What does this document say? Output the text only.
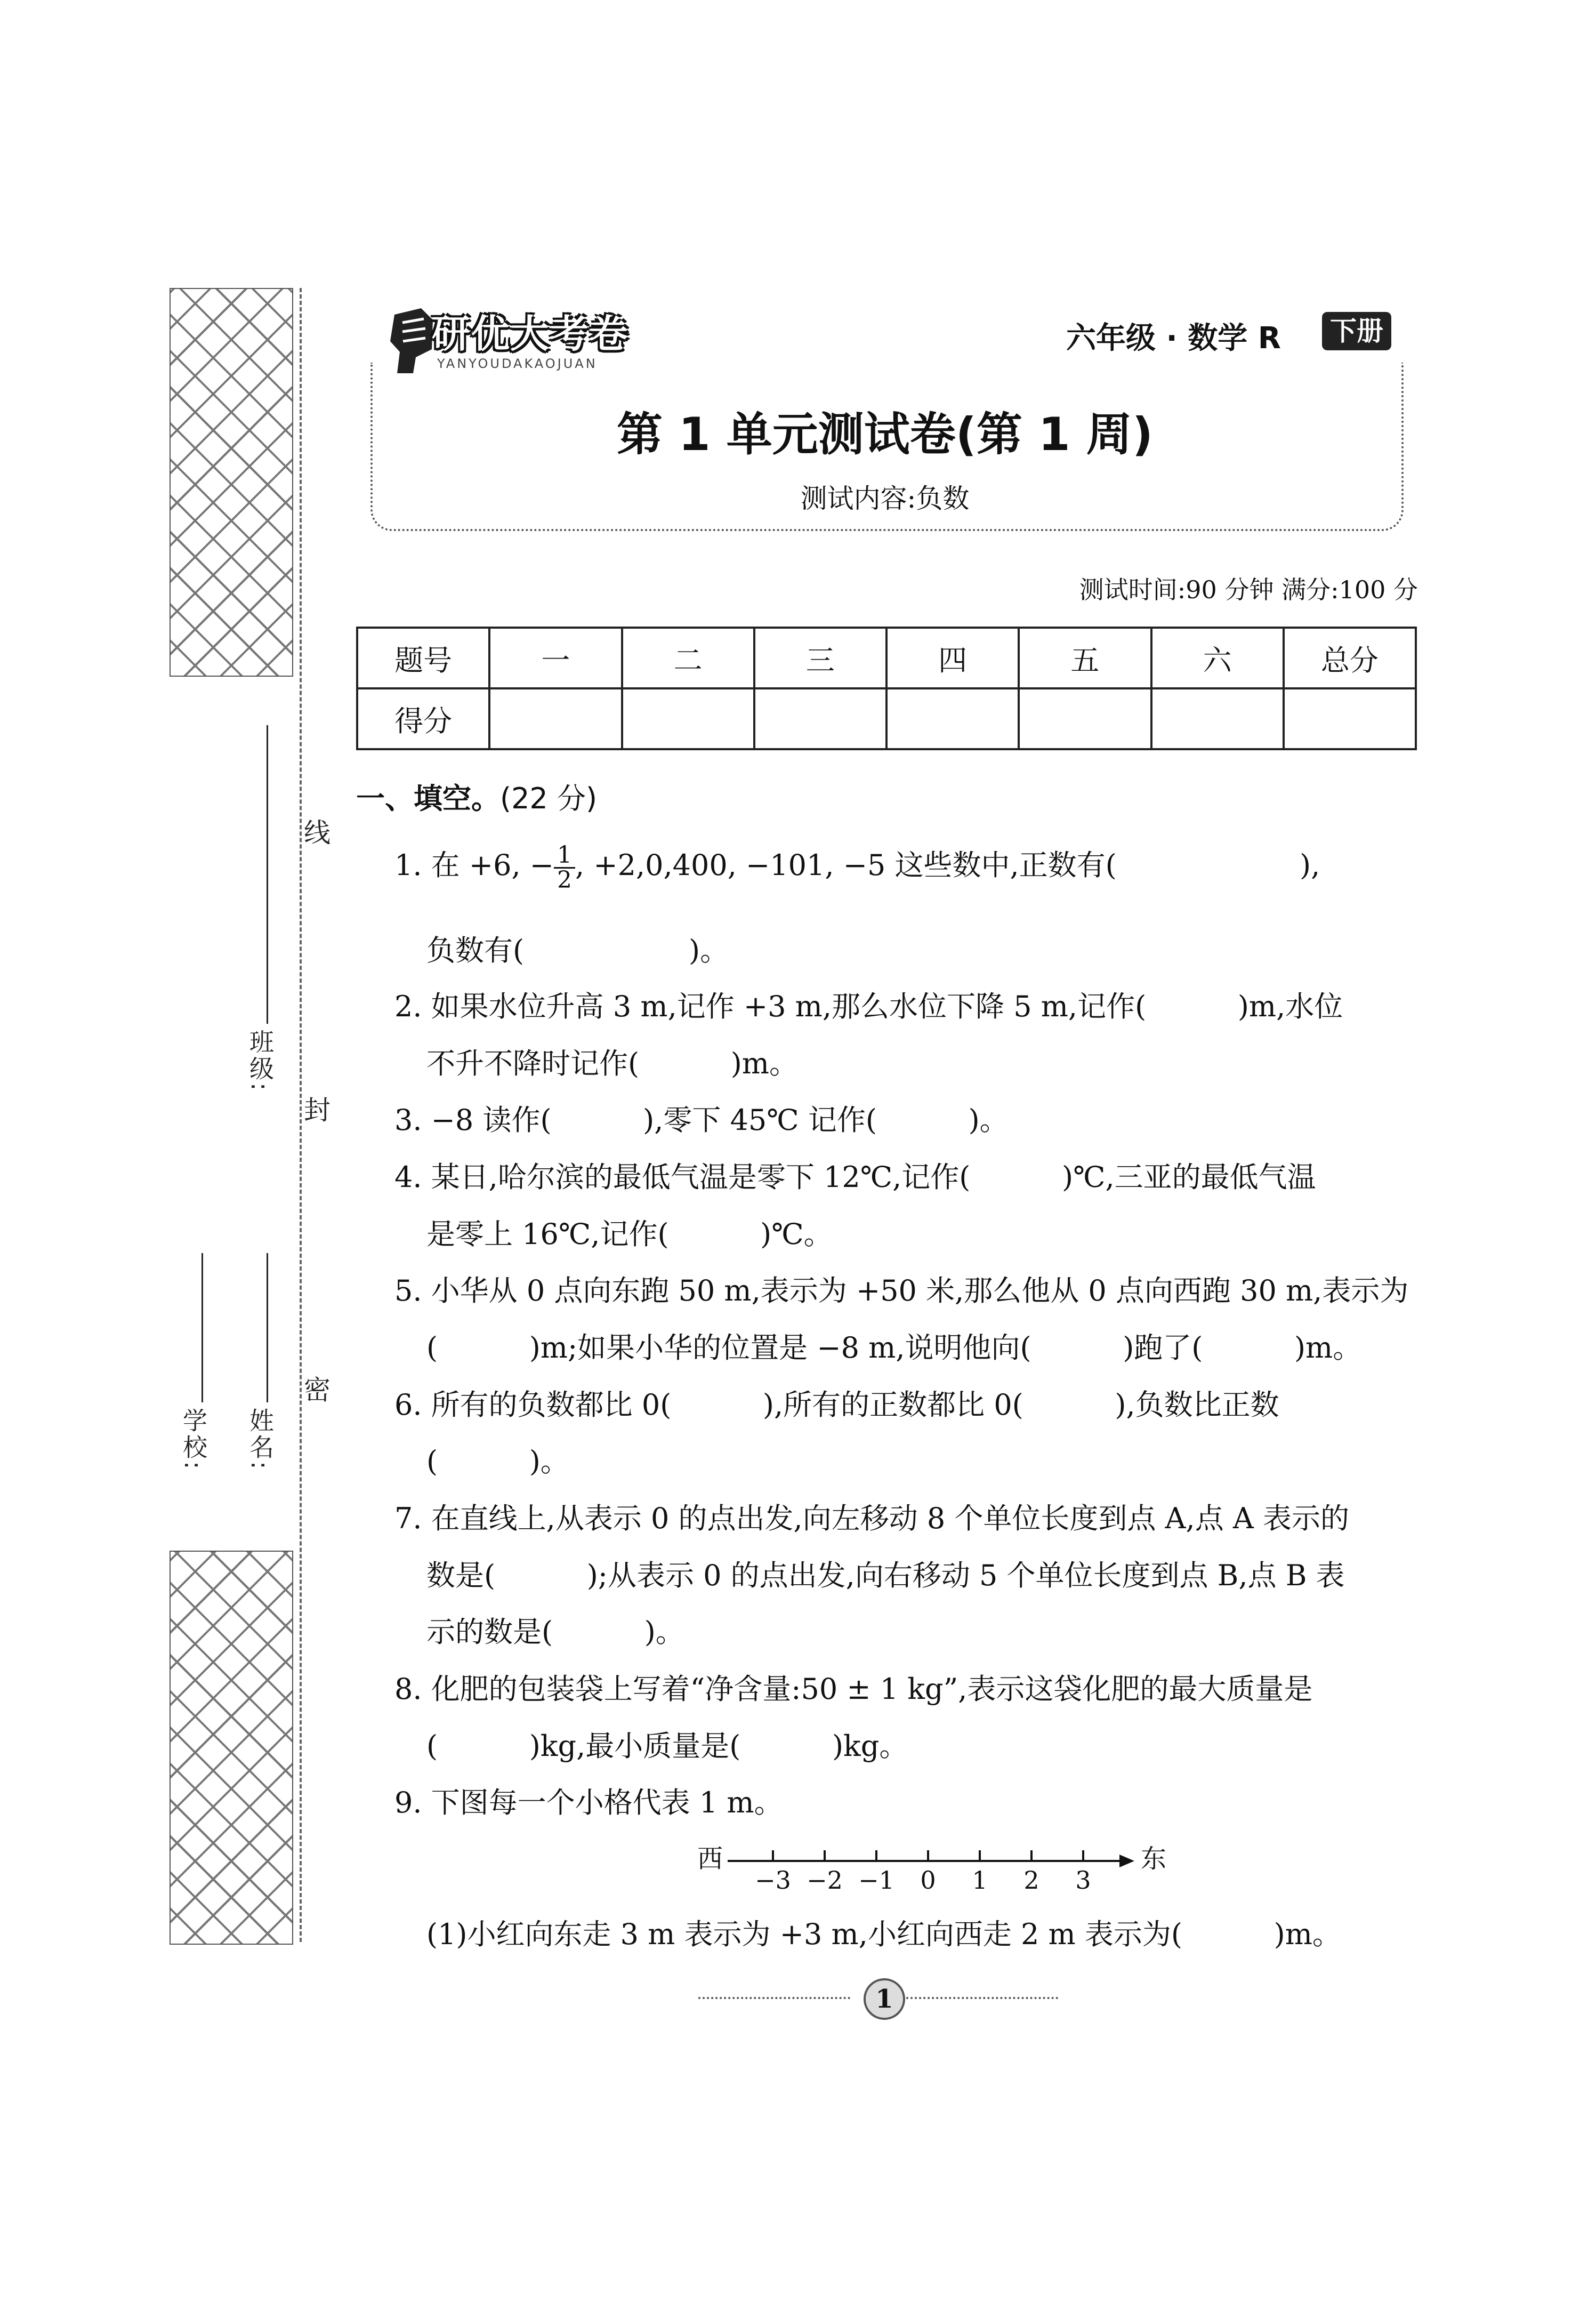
学校: 姓名:
班级:
密
封
线
研优大考卷
YANYOUDAKAOJUAN
六年级 · 数学 R	下册
第 1 单元测试卷(第 1 周)
测试内容:负数
测试时间:90 分钟 满分:100 分
题号	一	二	三	四	五	六	总分
得分							
一、填空。(22 分)
1. 在 +6, − $\frac{1}{2}$ , +2,0,400, −101, −5 这些数中,正数有(                    ),
负数有(                  )。
2. 如果水位升高 3 m,记作 +3 m,那么水位下降 5 m,记作(          )m,水位
不升不降时记作(          )m。
3. −8 读作(          ),零下 45℃ 记作(          )。
4. 某日,哈尔滨的最低气温是零下 12℃,记作(          )℃,三亚的最低气温
是零上 16℃,记作(          )℃。
5. 小华从 0 点向东跑 50 m,表示为 +50 米,那么他从 0 点向西跑 30 m,表示为
(          )m;如果小华的位置是 −8 m,说明他向(          )跑了(          )m。
6. 所有的负数都比 0(          ),所有的正数都比 0(          ),负数比正数
(          )。
7. 在直线上,从表示 0 的点出发,向左移动 8 个单位长度到点 A,点 A 表示的
数是(          );从表示 0 的点出发,向右移动 5 个单位长度到点 B,点 B 表
示的数是(          )。
8. 化肥的包装袋上写着“净含量:50 ± 1 kg”,表示这袋化肥的最大质量是
(          )kg,最小质量是(          )kg。
9. 下图每一个小格代表 1 m。
西	东
−3 −2 −1 0 1 2 3
(1)小红向东走 3 m 表示为 +3 m,小红向西走 2 m 表示为(          )m。
1
